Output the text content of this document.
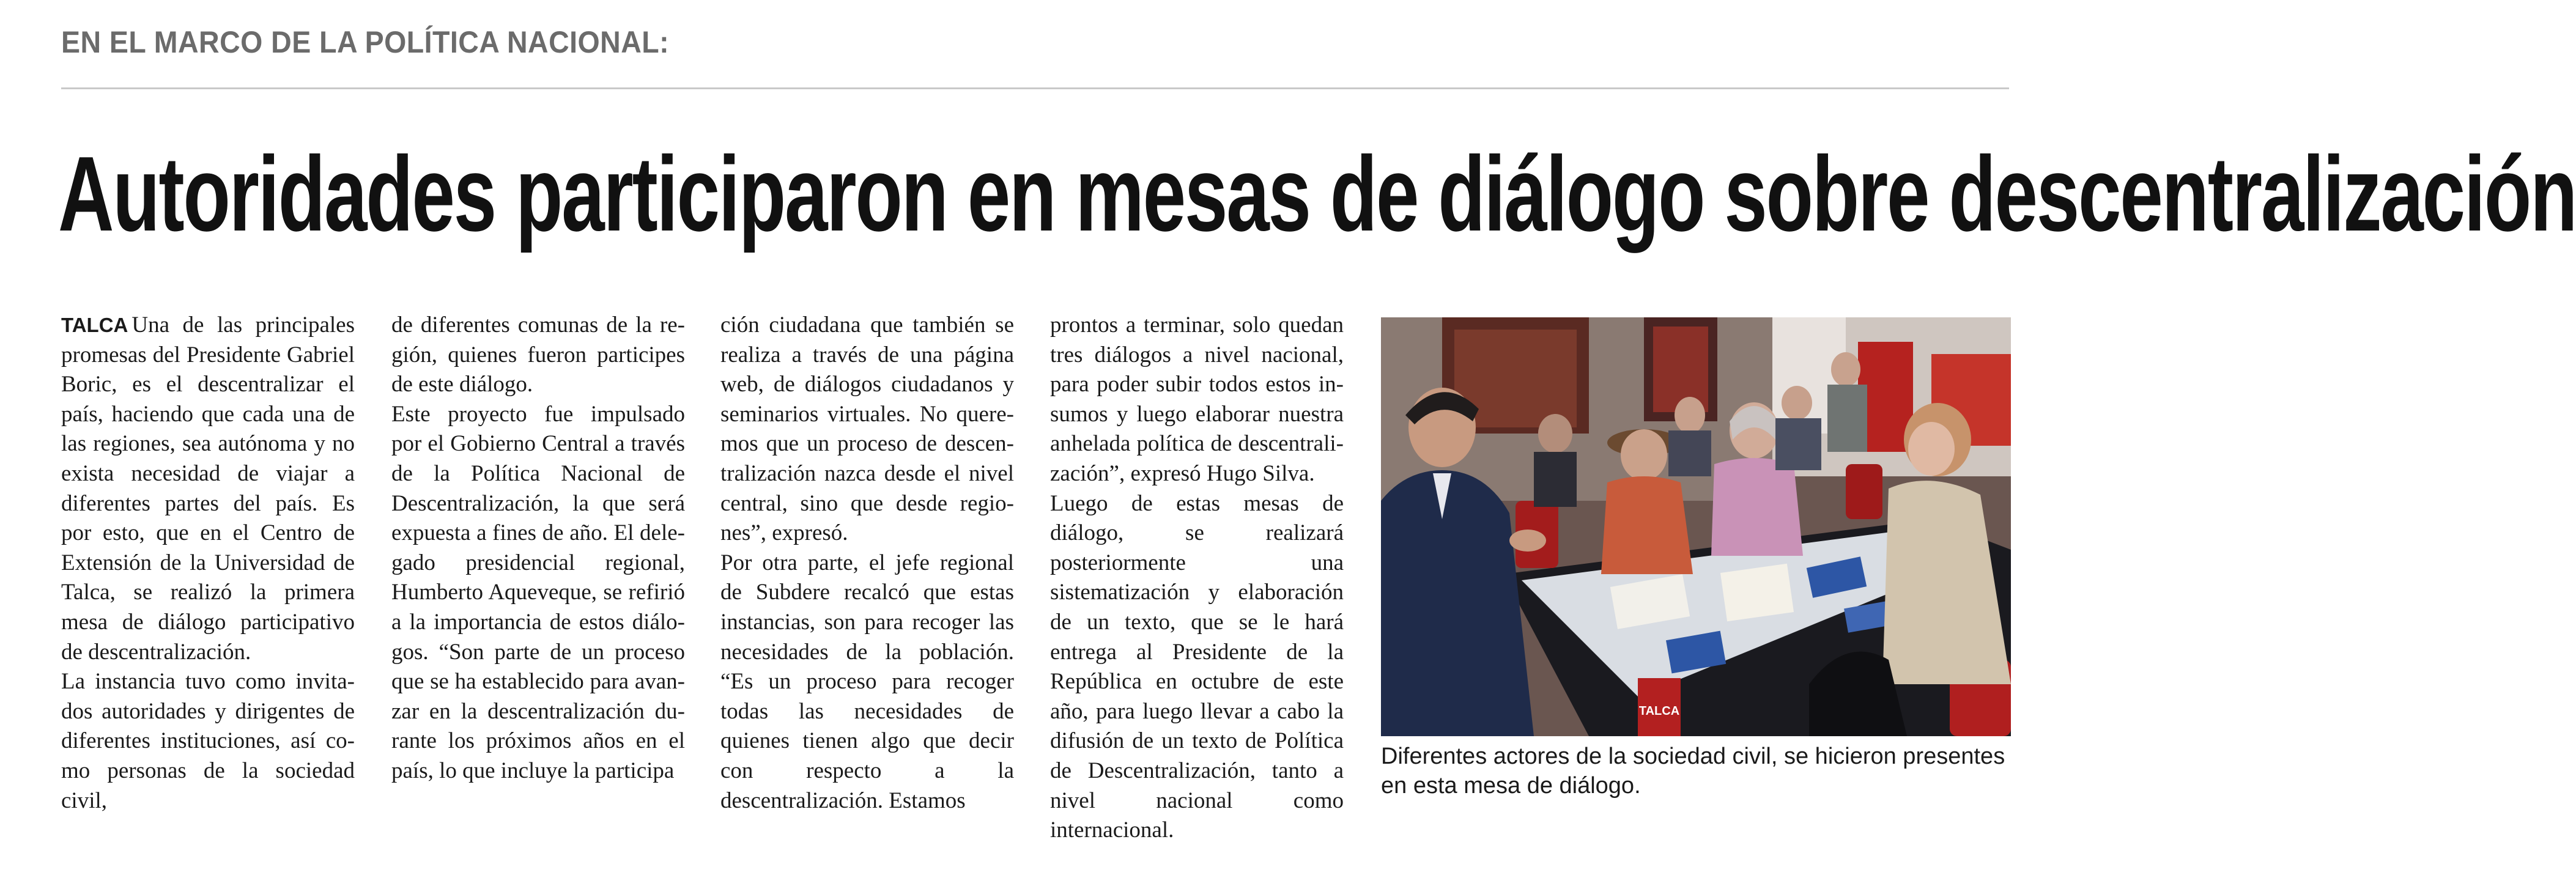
EN EL MARCO DE LA POLÍTICA NACIONAL:
Autoridades participaron en mesas de diálogo sobre descentralización

TALCA Una de las principales promesas del Presidente Gabriel Boric, es el descentralizar el país, haciendo que cada una de las regiones, sea autónoma y no exista necesidad de viajar a diferentes partes del país. Es por esto, que en el Centro de Extensión de la Universidad de Talca, se realizó la primera mesa de diálogo participativo de descentralización.

La instancia tuvo como invitados autoridades y dirigentes de diferentes instituciones, así como personas de la sociedad civil,

de diferentes comunas de la región, quienes fueron participes de este diálogo.

Este proyecto fue impulsado por el Gobierno Central a través de la Política Nacional de Descentralización, la que será expuesta a fines de año. El delegado presidencial regional, Humberto Aqueveque, se refirió a la importancia de estos diálogos. “Son parte de un proceso que se ha establecido para avanzar en la descentralización durante los próximos años en el país, lo que incluye la participa

ción ciudadana que también se realiza a través de una página web, de diálogos ciudadanos y seminarios virtuales. No queremos que un proceso de descentralización nazca desde el nivel central, sino que desde regiones”, expresó.

Por otra parte, el jefe regional de Subdere recalcó que estas instancias, son para recoger las necesidades de la población. “Es un proceso para recoger todas las necesidades de quienes tienen algo que decir con respecto a la descentralización. Estamos

prontos a terminar, solo quedan tres diálogos a nivel nacional, para poder subir todos estos insumos y luego elaborar nuestra anhelada política de descentralización”, expresó Hugo Silva.

Luego de estas mesas de diálogo, se realizará posteriormente una sistematización y elaboración de un texto, que se le hará entrega al Presidente de la República en octubre de este año, para luego llevar a cabo la difusión de un texto de Política de Descentralización, tanto a nivel nacional como internacional.

TALCA
Diferentes actores de la sociedad civil, se hicieron presentes en esta mesa de diálogo.
